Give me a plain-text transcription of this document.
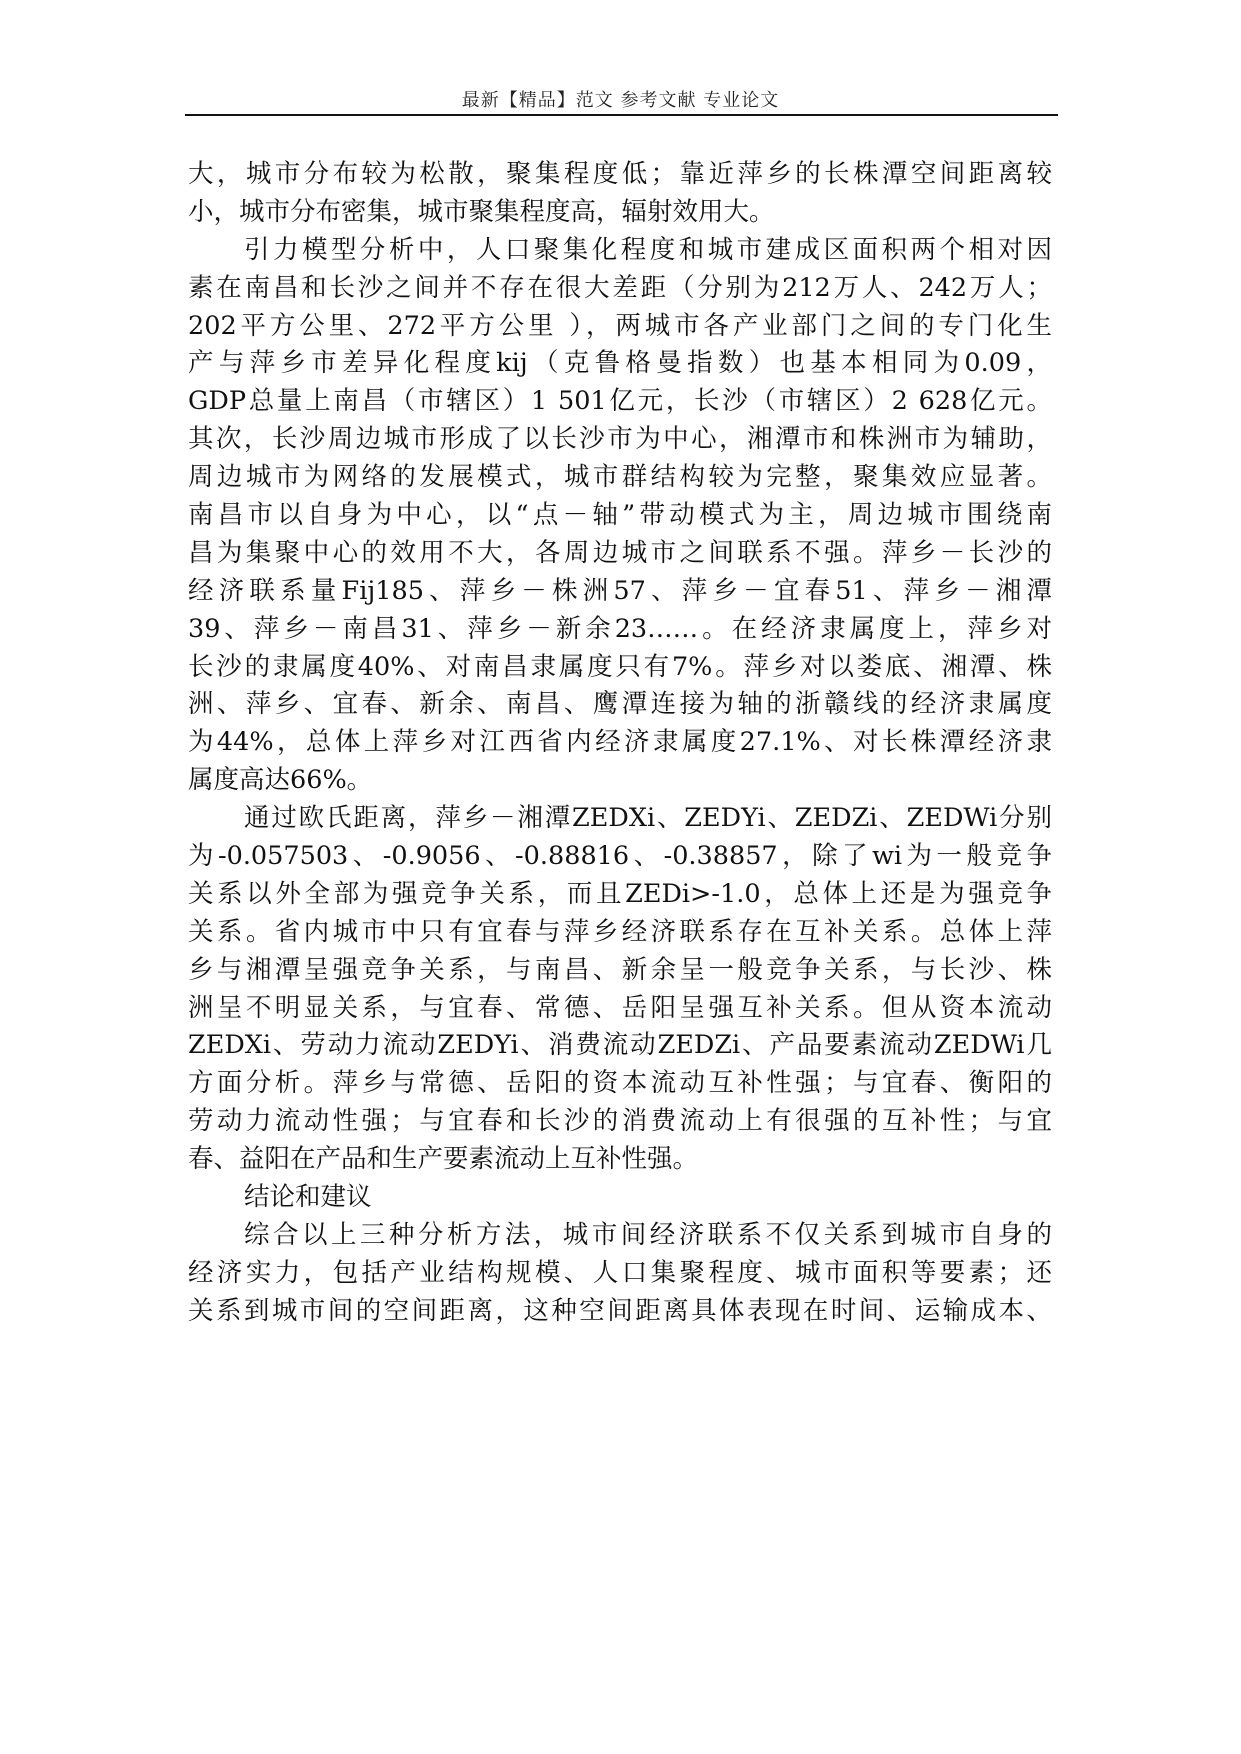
最新【精品】范文 参考文献 专业论文
大，城市分布较为松散，聚集程度低；靠近萍乡的长株潭空间距离较
小，城市分布密集，城市聚集程度高，辐射效用大。
引力模型分析中，人口聚集化程度和城市建成区面积两个相对因
素在南昌和长沙之间并不存在很大差距（分别为212万人、242万人；
202平方公里、272平方公里 ），两城市各产业部门之间的专门化生
产与萍乡市差异化程度kij（克鲁格曼指数）也基本相同为0.09，
GDP总量上南昌（市辖区）1 501亿元，长沙（市辖区）2 628亿元。
其次，长沙周边城市形成了以长沙市为中心，湘潭市和株洲市为辅助，
周边城市为网络的发展模式，城市群结构较为完整，聚集效应显著。
南昌市以自身为中心，以“点－轴”带动模式为主，周边城市围绕南
昌为集聚中心的效用不大，各周边城市之间联系不强。萍乡－长沙的
经济联系量Fij185、萍乡－株洲57、萍乡－宜春51、萍乡－湘潭
39、萍乡－南昌31、萍乡－新余23……。在经济隶属度上，萍乡对
长沙的隶属度40%、对南昌隶属度只有7%。萍乡对以娄底、湘潭、株
洲、萍乡、宜春、新余、南昌、鹰潭连接为轴的浙赣线的经济隶属度
为44%，总体上萍乡对江西省内经济隶属度27.1%、对长株潭经济隶
属度高达66%。
通过欧氏距离，萍乡－湘潭ZEDXi、ZEDYi、ZEDZi、ZEDWi分别
为-0.057503、-0.9056、-0.88816、-0.38857，除了wi为一般竞争
关系以外全部为强竞争关系，而且ZEDi>-1.0，总体上还是为强竞争
关系。省内城市中只有宜春与萍乡经济联系存在互补关系。总体上萍
乡与湘潭呈强竞争关系，与南昌、新余呈一般竞争关系，与长沙、株
洲呈不明显关系，与宜春、常德、岳阳呈强互补关系。但从资本流动
ZEDXi、劳动力流动ZEDYi、消费流动ZEDZi、产品要素流动ZEDWi几
方面分析。萍乡与常德、岳阳的资本流动互补性强；与宜春、衡阳的
劳动力流动性强；与宜春和长沙的消费流动上有很强的互补性；与宜
春、益阳在产品和生产要素流动上互补性强。
结论和建议
综合以上三种分析方法，城市间经济联系不仅关系到城市自身的
经济实力，包括产业结构规模、人口集聚程度、城市面积等要素；还
关系到城市间的空间距离，这种空间距离具体表现在时间、运输成本、
